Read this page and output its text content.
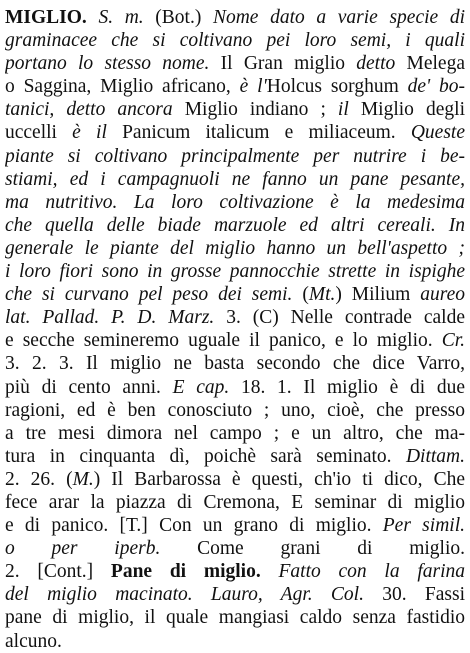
MIGLIO. S. m. (Bot.) Nome dato a varie specie di
graminacee che si coltivano pei loro semi, i quali
portano lo stesso nome. Il Gran miglio detto Melega
o Saggina, Miglio africano, è l'Holcus sorghum de' bo-
tanici, detto ancora Miglio indiano ; il Miglio degli
uccelli è il Panicum italicum e miliaceum. Queste
piante si coltivano principalmente per nutrire i be-
stiami, ed i campagnuoli ne fanno un pane pesante,
ma nutritivo. La loro coltivazione è la medesima
che quella delle biade marzuole ed altri cereali. In
generale le piante del miglio hanno un bell'aspetto ;
i loro fiori sono in grosse pannocchie strette in ispighe
che si curvano pel peso dei semi. (Mt.) Milium aureo
lat. Pallad. P. D. Marz. 3. (C) Nelle contrade calde
e secche semineremo uguale il panico, e lo miglio. Cr.
3. 2. 3. Il miglio ne basta secondo che dice Varro,
più di cento anni. E cap. 18. 1. Il miglio è di due
ragioni, ed è ben conosciuto ; uno, cioè, che presso
a tre mesi dimora nel campo ; e un altro, che ma-
tura in cinquanta dì, poichè sarà seminato. Dittam.
2. 26. (M.) Il Barbarossa è questi, ch'io ti dico, Che
fece arar la piazza di Cremona, E seminar di miglio
e di panico. [T.] Con un grano di miglio. Per simil.
o per iperb. Come grani di miglio.
2. [Cont.] Pane di miglio. Fatto con la farina
del miglio macinato. Lauro, Agr. Col. 30. Fassi
pane di miglio, il quale mangiasi caldo senza fastidio
alcuno.
